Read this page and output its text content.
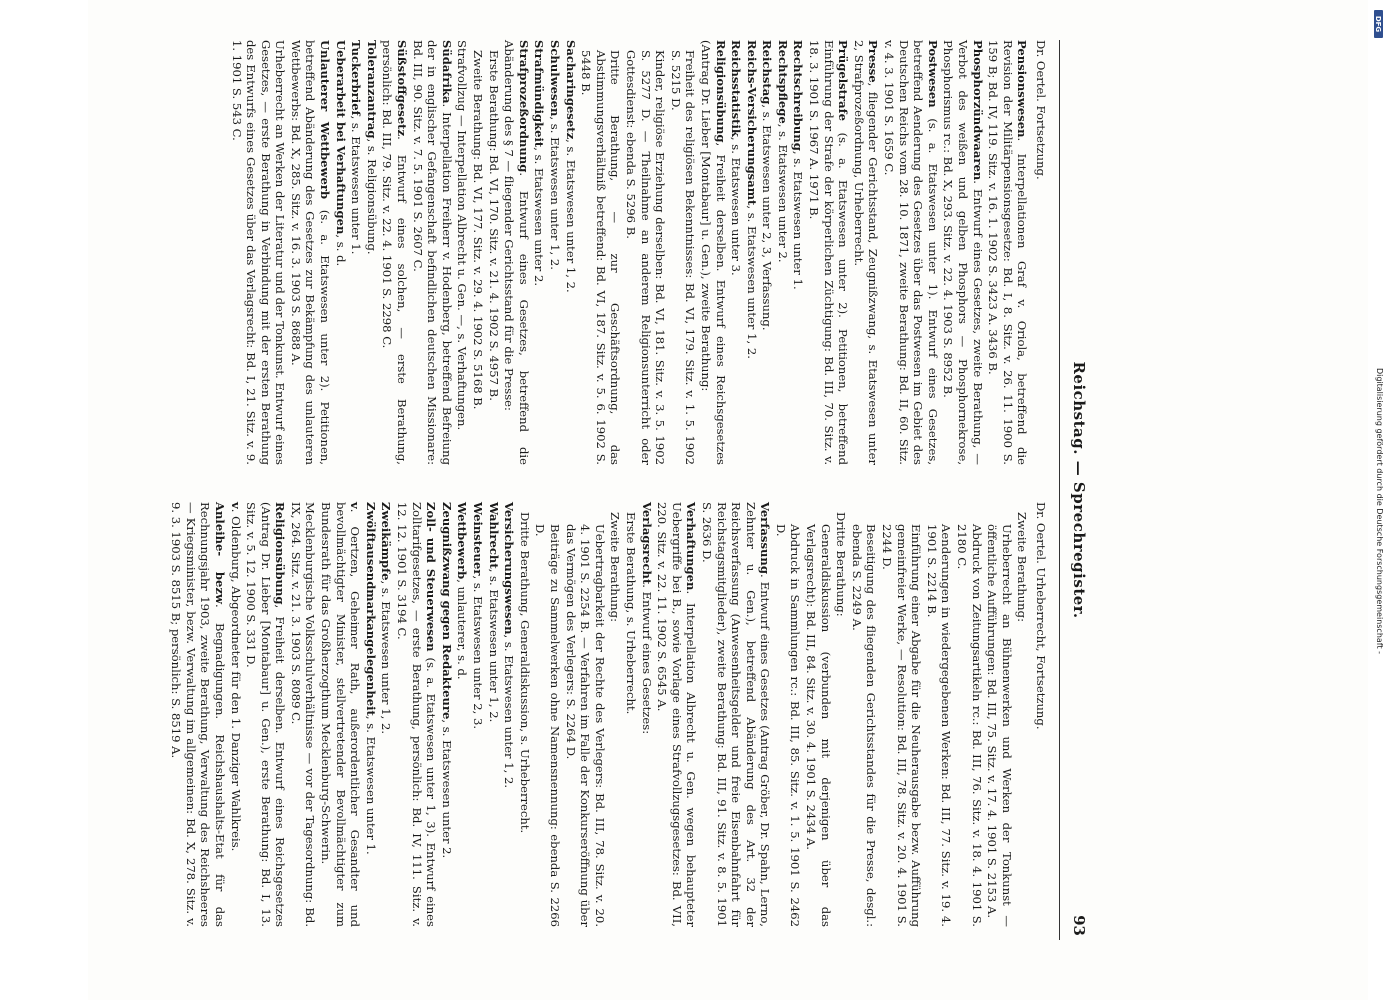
Reichstag. — Sprechregister.
93

Dr. Oertel. Fortsetzung.

Pensionswesen. Interpellationen Graf v. Oriola, betreffend die Revision der Militärpensionsgesetze: Bd. I, 8. Sitz. v. 26. 11. 1900 S. 159 B; Bd. IV, 119. Sitz. v. 16. 1. 1902 S. 3423 A. 3436 B.

Phosphorzündwaaren. Entwurf eines Gesetzes, zweite Berathung, — Verbot des weißen und gelben Phosphors — Phosphornekrose, Phosphorismus rc.: Bd. X, 293. Sitz. v. 22. 4. 1903 S. 8952 B.

Postwesen (s. a. Etatswesen unter 1). Entwurf eines Gesetzes, betreffend Aenderung des Gesetzes über das Postwesen im Gebiet des Deutschen Reichs vom 28. 10. 1871, zweite Berathung: Bd. II, 60. Sitz. v. 4. 3. 1901 S. 1659 C.

Presse, fliegender Gerichtsstand, Zeugnißzwang, s. Etatswesen unter 2, Strafprozeßordnung, Urheberrecht.

Prügelstrafe (s. a. Etatswesen unter 2). Petitionen, betreffend Einführung der Strafe der körperlichen Züchtigung: Bd. III, 70. Sitz. v. 18. 3. 1901 S. 1967 A. 1971 B.

Rechtschreibung, s. Etatswesen unter 1.

Rechtspflege, s. Etatswesen unter 2.

Reichstag, s. Etatswesen unter 2, 3, Verfassung.

Reichs-Versicherungsamt, s. Etatswesen unter 1, 2.

Reichsstatistik, s. Etatswesen unter 3.

Religionsübung, Freiheit derselben. Entwurf eines Reichsgesetzes (Antrag Dr. Lieber [Montabaur] u. Gen.), zweite Berathung:

Freiheit des religiösen Bekenntnisses: Bd. VI, 179. Sitz. v. 1. 5. 1902 S. 5215 D.

Kinder, religiöse Erziehung derselben: Bd. VI, 181. Sitz. v. 3. 5. 1902 S. 5277 D. — Theilnahme an anderem Religionsunterricht oder Gottesdienst: ebenda S. 5296 B.

Dritte Berathung, — zur Geschäftsordnung, das Abstimmungsverhältniß betreffend: Bd. VI, 187. Sitz. v. 5. 6. 1902 S. 5448 B.

Sacharingesetz, s. Etatswesen unter 1, 2.

Schulwesen, s. Etatswesen unter 1, 2.

Strafmündigkeit, s. Etatswesen unter 2.

Strafprozeßordnung. Entwurf eines Gesetzes, betreffend die Abänderung des § 7 — fliegender Gerichtsstand für die Presse:

Erste Berathung: Bd. VI, 170. Sitz. v. 21. 4. 1902 S. 4957 B.

Zweite Berathung: Bd. VI, 177. Sitz. v. 29. 4. 1902 S. 5168 B.

Strafvollzug — Interpellation Albrecht u. Gen. —, s. Verhaftungen.

Südafrika. Interpellation Freiherr v. Hodenberg, betreffend Befreiung der in englischer Gefangenschaft befindlichen deutschen Missionare: Bd. III, 90. Sitz. v. 7. 5. 1901 S. 2607 C.

Süßstoffgesetz. Entwurf eines solchen, — erste Berathung, persönlich: Bd. III, 79. Sitz. v. 22. 4. 1901 S. 2298 C.

Toleranzantrag, s. Religionsübung.

Tuckerbrief, s. Etatswesen unter 1.

Ueberarbeit bei Verhaftungen, s. d.

Unlauterer Wettbewerb (s. a. Etatswesen unter 2). Petitionen, betreffend Abänderung des Gesetzes zur Bekämpfung des unlauteren Wettbewerbs: Bd. X, 285. Sitz. v. 16. 3. 1903 S. 8688 A.

Urheberrecht an Werken der Literatur und der Tonkunst. Entwurf eines Gesetzes, — erste Berathung in Verbindung mit der ersten Berathung des Entwurfs eines Gesetzes über das Verlagsrecht: Bd. I, 21. Sitz. v. 9. 1. 1901 S. 543 C.

Dr. Oertel. Urheberrecht, Fortsetzung.

Zweite Berathung:

Urheberrecht an Bühnenwerken und Werken der Tonkunst — öffentliche Aufführungen: Bd. III, 75. Sitz. v. 17. 4. 1901 S. 2153 A.

Abdruck von Zeitungsartikeln rc.: Bd. III, 76. Sitz. v. 18. 4. 1901 S. 2180 C.

Aenderungen in wiedergegebenen Werken: Bd. III, 77. Sitz. v. 19. 4. 1901 S. 2214 B.

Einführung einer Abgabe für die Neuherausgabe bezw. Aufführung gemeinfreier Werke, — Resolution: Bd. III, 78. Sitz. v. 20. 4. 1901 S. 2244 D.

Beseitigung des fliegenden Gerichtsstandes für die Presse, desgl.: ebenda S. 2249 A.

Dritte Berathung:

Generaldiskussion (verbunden mit derjenigen über das Verlagsrecht): Bd. III, 84. Sitz. v. 30. 4. 1901 S. 2434 A.

Abdruck in Sammlungen rc.: Bd. III, 85. Sitz. v. 1. 5. 1901 S. 2462 D.

Verfassung. Entwurf eines Gesetzes (Antrag Gröber, Dr. Spahn, Lerno, Zehnter u. Gen.), betreffend Abänderung des Art. 32 der Reichsverfassung (Anwesenheitsgelder und freie Eisenbahnfahrt für Reichstagsmitglieder), zweite Berathung: Bd. III, 91. Sitz. v. 8. 5. 1901 S. 2636 D.

Verhaftungen. Interpellation Albrecht u. Gen. wegen behaupteter Uebergriffe bei B., sowie Vorlage eines Strafvollzugsgesetzes: Bd. VII, 220. Sitz. v. 22. 11. 1902 S. 6545 A.

Verlagsrecht. Entwurf eines Gesetzes:

Erste Berathung, s. Urheberrecht.

Zweite Berathung:

Uebertragbarkeit der Rechte des Verlegers: Bd. III, 78. Sitz. v. 20. 4. 1901 S. 2254 B. — Verfahren im Falle der Konkurseröffnung über das Vermögen des Verlegers: S. 2264 D.

Beiträge zu Sammelwerken ohne Namensnennung: ebenda S. 2266 D.

Dritte Berathung, Generaldiskussion, s. Urheberrecht.

Versicherungswesen, s. Etatswesen unter 1, 2.

Wahlrecht, s. Etatswesen unter 1, 2.

Weinsteuer, s. Etatswesen unter 2, 3.

Wettbewerb, unlauterer, s. d.

Zeugnißzwang gegen Redakteure, s. Etatswesen unter 2.

Zoll- und Steuerwesen (s. a. Etatswesen unter 1, 3). Entwurf eines Zolltarifgesetzes, — erste Berathung, persönlich: Bd. IV, 111. Sitz. v. 12. 12. 1901 S. 3194 C.

Zweikämpfe, s. Etatswesen unter 1, 2.

Zwölftausendmarkangelegenheit, s. Etatswesen unter 1.

v. Oertzen, Geheimer Rath, außerordentlicher Gesandter und bevollmächtigter Minister, stellvertretender Bevollmächtigter zum Bundesrath für das Großherzogthum Mecklenburg-Schwerin.

Mecklenburgische Volksschulverhältnisse — vor der Tagesordnung: Bd. IX, 264. Sitz. v. 21. 3. 1903 S. 8089 C.

Religionsübung, Freiheit derselben. Entwurf eines Reichsgesetzes (Antrag Dr. Lieber [Montabaur] u. Gen.), erste Berathung: Bd. I, 13. Sitz. v. 5. 12. 1900 S. 331 D.

v. Oldenburg, Abgeordneter für den 1. Danziger Wahlkreis.

Anleihe- bezw. Begnadigungen. Reichshaushalts-Etat für das Rechnungsjahr 1903, zweite Berathung, Verwaltung des Reichsheeres — Kriegsminister, bezw. Verwaltung im allgemeinen: Bd. X, 278. Sitz. v. 9. 3. 1903 S. 8515 B; persönlich: S. 8519 A.

DFG
Digitalisierung gefördert durch die Deutsche Forschungsgemeinschaft -
